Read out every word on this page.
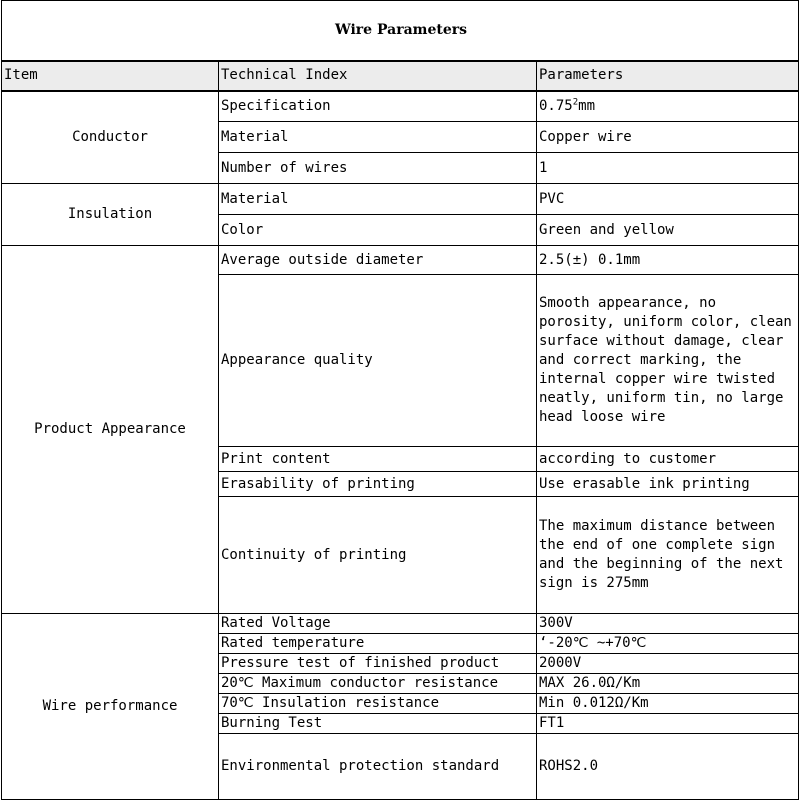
Wire Parameters		
Item	Technical Index	Parameters
Conductor	Specification	0.75$^2$mm
	Material	Copper wire
	Number of wires	1
Insulation	Material	PVC
	Color	Green and yellow
Product Appearance	Average outside diameter	2.5(±) 0.1mm
	Appearance quality	Smooth appearance, no porosity, uniform color, clean surface without damage, clear and correct marking, the internal copper wire twisted neatly, uniform tin, no large head loose wire
	Print content	according to customer
	Erasability of printing	Use erasable ink printing
	Continuity of printing	The maximum distance between the end of one complete sign and the beginning of the next sign is 275mm
Wire performance	Rated Voltage	300V
	Rated temperature	‘-20℃ ~+70℃
	Pressure test of finished product	2000V
	20℃ Maximum conductor resistance	MAX 26.0Ω/Km
	70℃ Insulation resistance	Min 0.012Ω/Km
	Burning Test	FT1
	Environmental protection standard	ROHS2.0
